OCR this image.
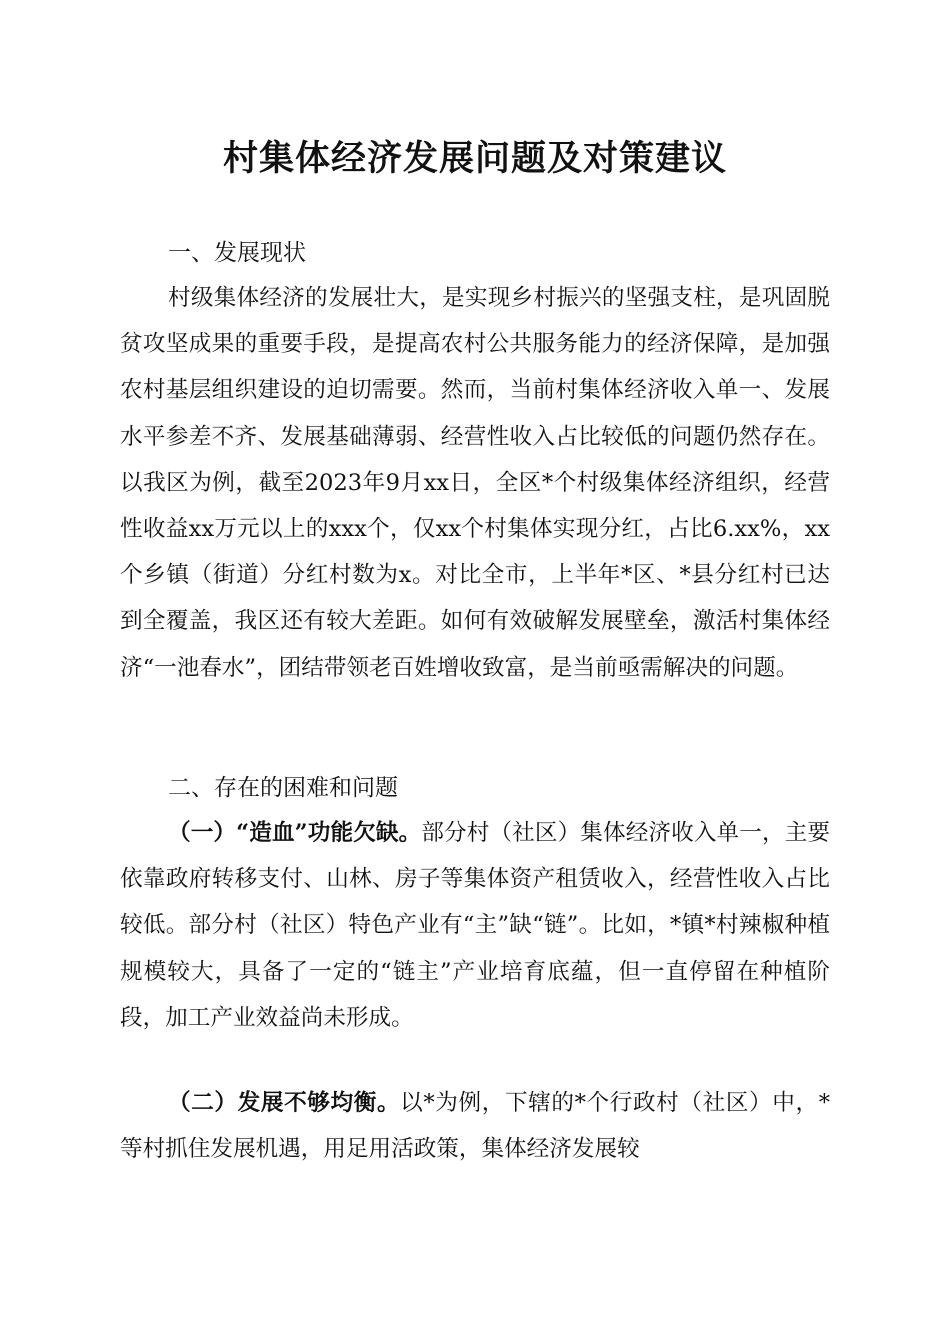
村集体经济发展问题及对策建议
一、发展现状

村级集体经济的发展壮大，是实现乡村振兴的坚强支柱，是巩固脱贫攻坚成果的重要手段，是提高农村公共服务能力的经济保障，是加强农村基层组织建设的迫切需要。然而，当前村集体经济收入单一、发展水平参差不齐、发展基础薄弱、经营性收入占比较低的问题仍然存在。以我区为例，截至2023年9月xx日，全区*个村级集体经济组织，经营性收益xx万元以上的xxx个，仅xx个村集体实现分红，占比6.xx%，xx个乡镇（街道）分红村数为x。对比全市，上半年*区、*县分红村已达到全覆盖，我区还有较大差距。如何有效破解发展壁垒，激活村集体经济“一池春水”，团结带领老百姓增收致富，是当前亟需解决的问题。

二、存在的困难和问题

（一）“造血”功能欠缺。部分村（社区）集体经济收入单一，主要依靠政府转移支付、山林、房子等集体资产租赁收入，经营性收入占比较低。部分村（社区）特色产业有“主”缺“链”。比如，*镇*村辣椒种植规模较大，具备了一定的“链主”产业培育底蕴，但一直停留在种植阶段，加工产业效益尚未形成。

（二）发展不够均衡。以*为例，下辖的*个行政村（社区）中，*等村抓住发展机遇，用足用活政策，集体经济发展较
